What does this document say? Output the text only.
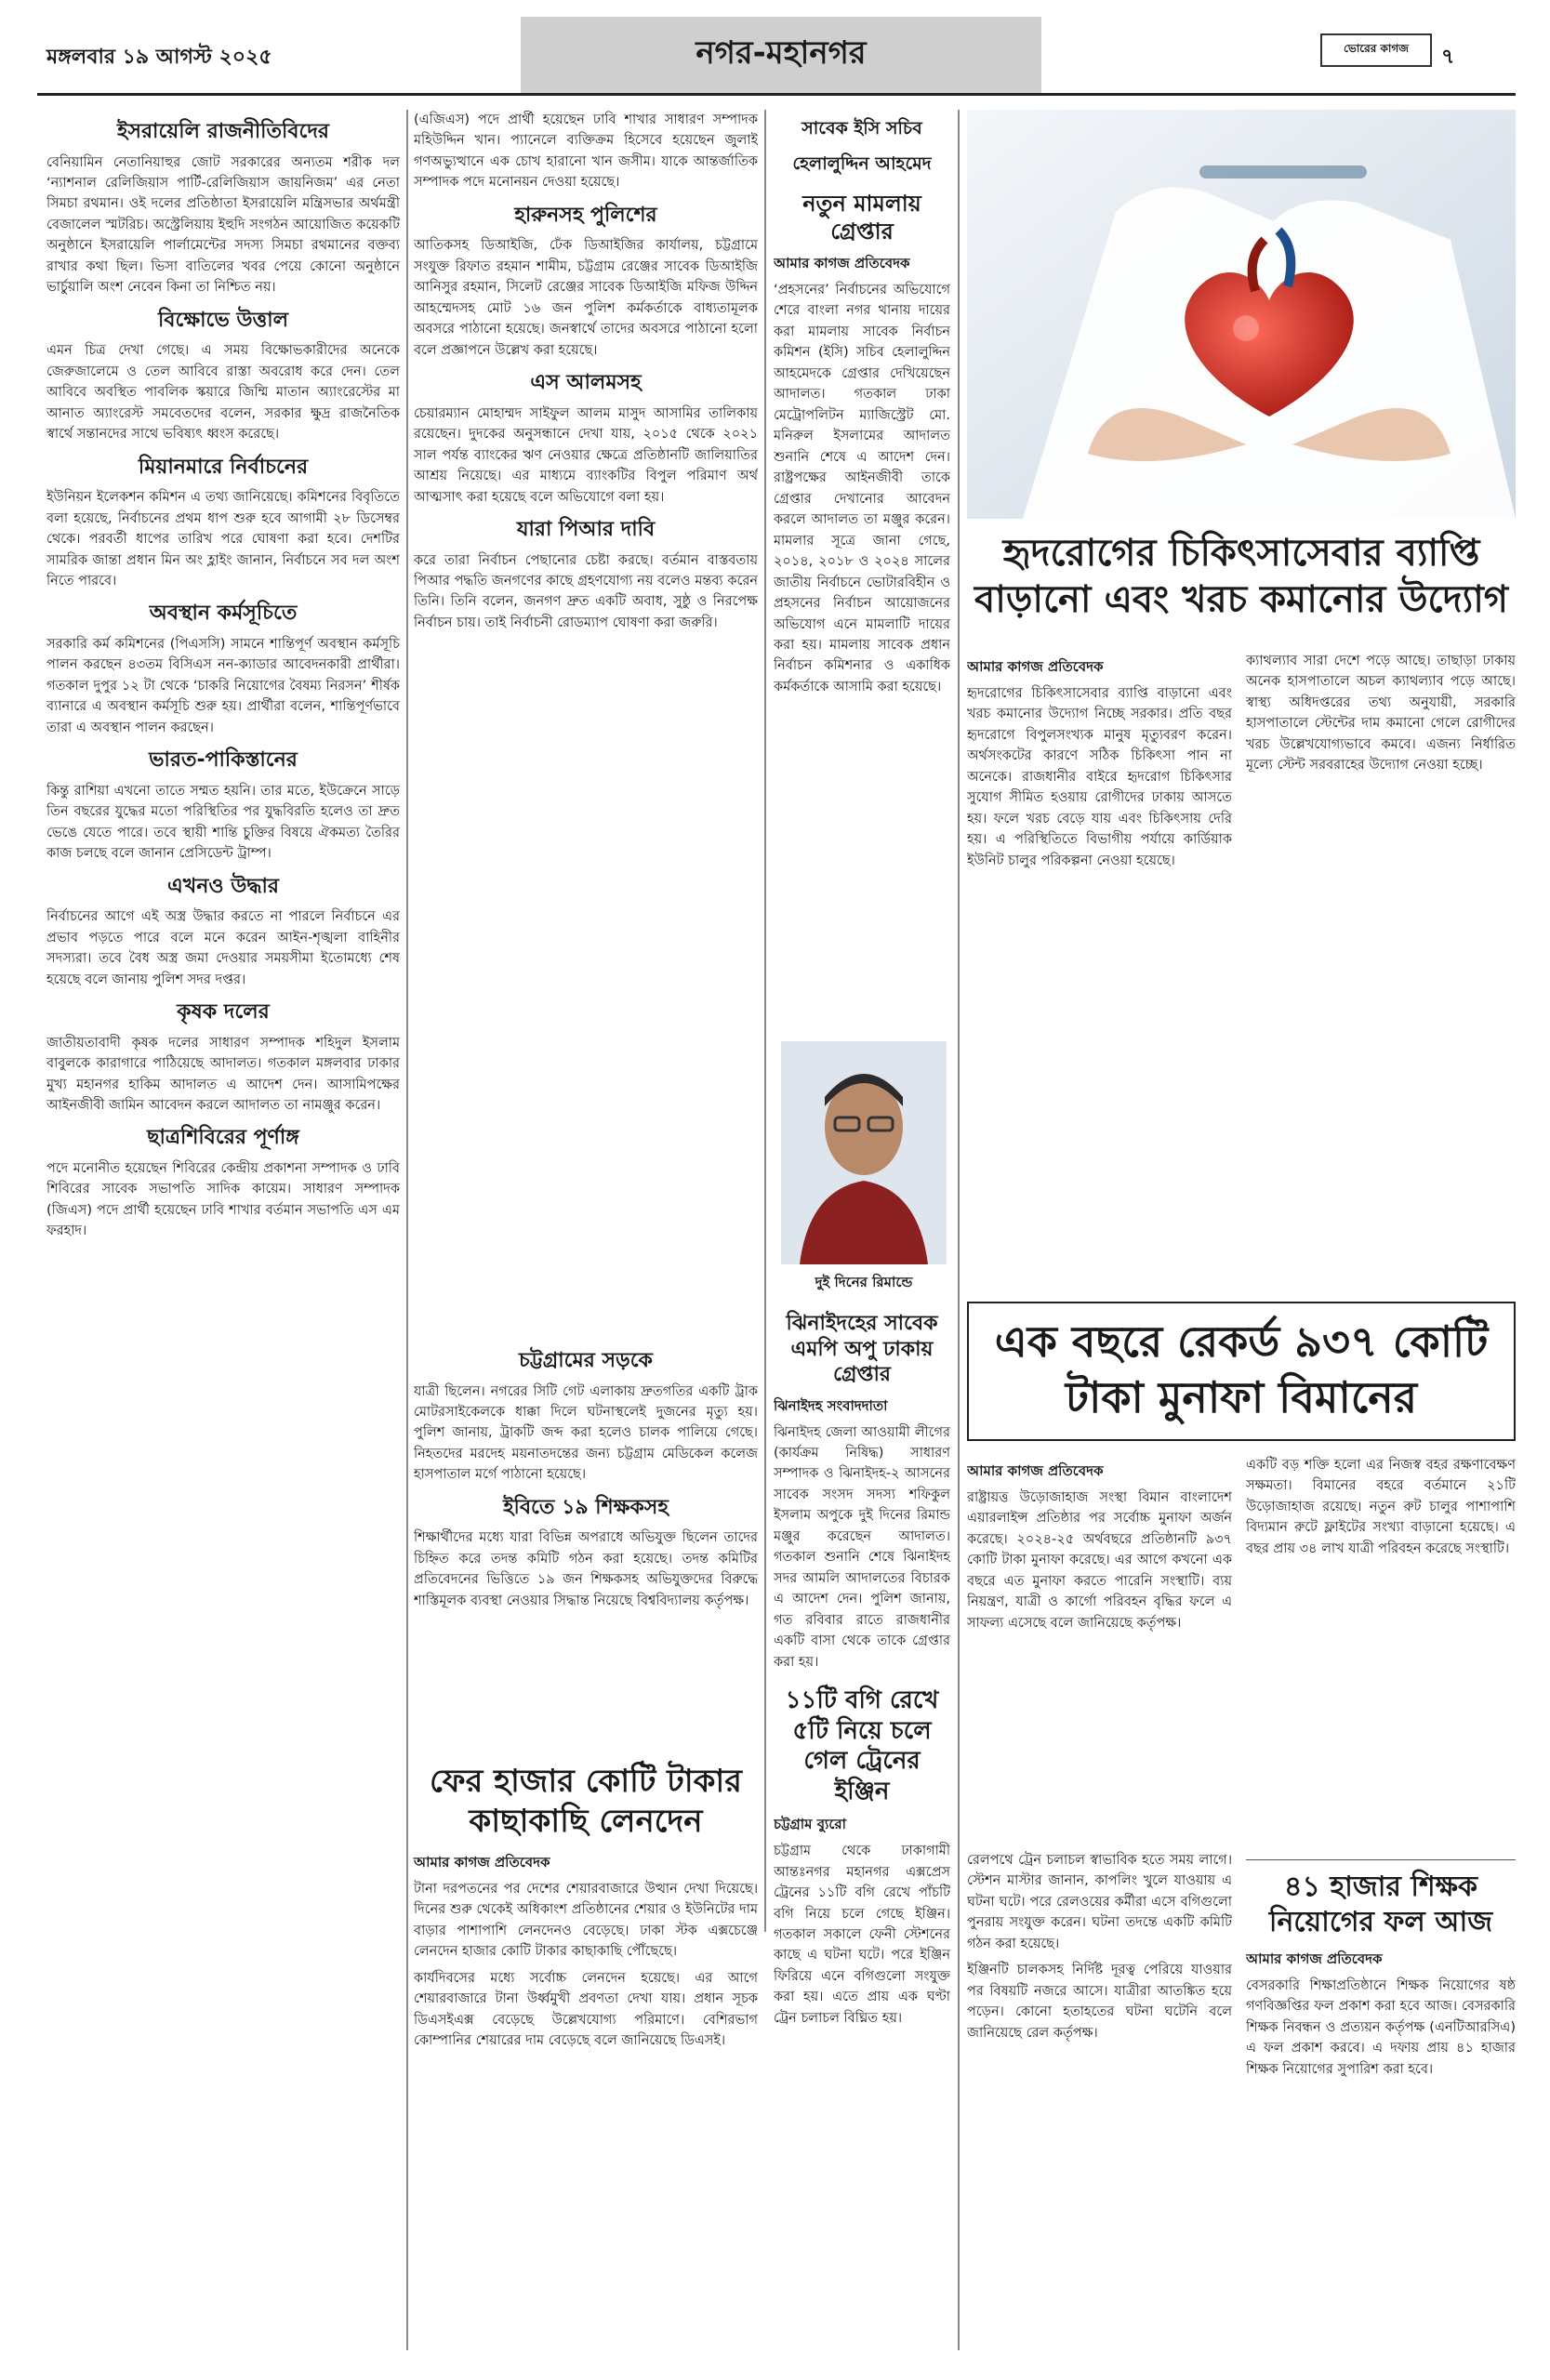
মঙ্গলবার ১৯ আগস্ট ২০২৫	নগর-মহানগর	ভোরের কাগজ	৭
ইসরায়েলি রাজনীতিবিদের

বেনিয়ামিন নেতানিয়াহুর জোট সরকারের অন্যতম শরীক দল ‘ন্যাশনাল রেলিজিয়াস পার্টি-রেলিজিয়াস জায়নিজম’ এর নেতা সিমচা রথমান। ওই দলের প্রতিষ্ঠাতা ইসরায়েলি মন্ত্রিসভার অর্থমন্ত্রী বেজালেল স্মটরিচ। অস্ট্রেলিয়ায় ইহুদি সংগঠন আয়োজিত কয়েকটি অনুষ্ঠানে ইসরায়েলি পার্লামেন্টের সদস্য সিমচা রথমানের বক্তব্য রাখার কথা ছিল। ভিসা বাতিলের খবর পেয়ে কোনো অনুষ্ঠানে ভার্চুয়ালি অংশ নেবেন কিনা তা নিশ্চিত নয়।

বিক্ষোভে উত্তাল

এমন চিত্র দেখা গেছে। এ সময় বিক্ষোভকারীদের অনেকে জেরুজালেমে ও তেল আবিবে রাস্তা অবরোধ করে দেন। তেল আবিবে অবস্থিত পাবলিক স্কয়ারে জিম্মি মাতান অ্যাংরেস্টের মা আনাত অ্যাংরেস্ট সমবেতদের বলেন, সরকার ক্ষুদ্র রাজনৈতিক স্বার্থে সন্তানদের সাথে ভবিষ্যৎ ধ্বংস করেছে।

মিয়ানমারে নির্বাচনের

ইউনিয়ন ইলেকশন কমিশন এ তথ্য জানিয়েছে। কমিশনের বিবৃতিতে বলা হয়েছে, নির্বাচনের প্রথম ধাপ শুরু হবে আগামী ২৮ ডিসেম্বর থেকে। পরবর্তী ধাপের তারিখ পরে ঘোষণা করা হবে। দেশটির সামরিক জান্তা প্রধান মিন অং হ্লাইং জানান, নির্বাচনে সব দল অংশ নিতে পারবে।

অবস্থান কর্মসূচিতে

সরকারি কর্ম কমিশনের (পিএসসি) সামনে শান্তিপূর্ণ অবস্থান কর্মসূচি পালন করছেন ৪৩তম বিসিএস নন-ক্যাডার আবেদনকারী প্রার্থীরা। গতকাল দুপুর ১২ টা থেকে ‘চাকরি নিয়োগের বৈষম্য নিরসন’ শীর্ষক ব্যানারে এ অবস্থান কর্মসূচি শুরু হয়। প্রার্থীরা বলেন, শান্তিপূর্ণভাবে তারা এ অবস্থান পালন করছেন।

ভারত-পাকিস্তানের

কিন্তু রাশিয়া এখনো তাতে সম্মত হয়নি। তার মতে, ইউক্রেনে সাড়ে তিন বছরের যুদ্ধের মতো পরিস্থিতির পর যুদ্ধবিরতি হলেও তা দ্রুত ভেঙে যেতে পারে। তবে স্থায়ী শান্তি চুক্তির বিষয়ে ঐকমত্য তৈরির কাজ চলছে বলে জানান প্রেসিডেন্ট ট্রাম্প।

এখনও উদ্ধার

নির্বাচনের আগে এই অস্ত্র উদ্ধার করতে না পারলে নির্বাচনে এর প্রভাব পড়তে পারে বলে মনে করেন আইন-শৃঙ্খলা বাহিনীর সদস্যরা। তবে বৈধ অস্ত্র জমা দেওয়ার সময়সীমা ইতোমধ্যে শেষ হয়েছে বলে জানায় পুলিশ সদর দপ্তর।

কৃষক দলের

জাতীয়তাবাদী কৃষক দলের সাধারণ সম্পাদক শহিদুল ইসলাম বাবুলকে কারাগারে পাঠিয়েছে আদালত। গতকাল মঙ্গলবার ঢাকার মুখ্য মহানগর হাকিম আদালত এ আদেশ দেন। আসামিপক্ষের আইনজীবী জামিন আবেদন করলে আদালত তা নামঞ্জুর করেন।

ছাত্রশিবিরের পূর্ণাঙ্গ

পদে মনোনীত হয়েছেন শিবিরের কেন্দ্রীয় প্রকাশনা সম্পাদক ও ঢাবি শিবিরের সাবেক সভাপতি সাদিক কায়েম। সাধারণ সম্পাদক (জিএস) পদে প্রার্থী হয়েছেন ঢাবি শাখার বর্তমান সভাপতি এস এম ফরহাদ।

(এজিএস) পদে প্রার্থী হয়েছেন ঢাবি শাখার সাধারণ সম্পাদক মহিউদ্দিন খান। প্যানেলে ব্যক্তিক্রম হিসেবে হয়েছেন জুলাই গণঅভ্যুত্থানে এক চোখ হারানো খান জসীম। যাকে আন্তর্জাতিক সম্পাদক পদে মনোনয়ন দেওয়া হয়েছে।

হারুনসহ পুলিশের

আতিকসহ ডিআইজি, ঢেঁক ডিআইজির কার্যালয়, চট্টগ্রামে সংযুক্ত রিফাত রহমান শামীম, চট্টগ্রাম রেঞ্জের সাবেক ডিআইজি আনিসুর রহমান, সিলেট রেঞ্জের সাবেক ডিআইজি মফিজ উদ্দিন আহম্মেদসহ মোট ১৬ জন পুলিশ কর্মকর্তাকে বাধ্যতামূলক অবসরে পাঠানো হয়েছে। জনস্বার্থে তাদের অবসরে পাঠানো হলো বলে প্রজ্ঞাপনে উল্লেখ করা হয়েছে।

এস আলমসহ

চেয়ারম্যান মোহাম্মদ সাইফুল আলম মাসুদ আসামির তালিকায় রয়েছেন। দুদকের অনুসন্ধানে দেখা যায়, ২০১৫ থেকে ২০২১ সাল পর্যন্ত ব্যাংকের ঋণ নেওয়ার ক্ষেত্রে প্রতিষ্ঠানটি জালিয়াতির আশ্রয় নিয়েছে। এর মাধ্যমে ব্যাংকটির বিপুল পরিমাণ অর্থ আত্মসাৎ করা হয়েছে বলে অভিযোগে বলা হয়।

যারা পিআর দাবি

করে তারা নির্বাচন পেছানোর চেষ্টা করছে। বর্তমান বাস্তবতায় পিআর পদ্ধতি জনগণের কাছে গ্রহণযোগ্য নয় বলেও মন্তব্য করেন তিনি। তিনি বলেন, জনগণ দ্রুত একটি অবাধ, সুষ্ঠু ও নিরপেক্ষ নির্বাচন চায়। তাই নির্বাচনী রোডম্যাপ ঘোষণা করা জরুরি।

চট্টগ্রামের সড়কে

যাত্রী ছিলেন। নগরের সিটি গেট এলাকায় দ্রুতগতির একটি ট্রাক মোটরসাইকেলকে ধাক্কা দিলে ঘটনাস্থলেই দুজনের মৃত্যু হয়। পুলিশ জানায়, ট্রাকটি জব্দ করা হলেও চালক পালিয়ে গেছে। নিহতদের মরদেহ ময়নাতদন্তের জন্য চট্টগ্রাম মেডিকেল কলেজ হাসপাতাল মর্গে পাঠানো হয়েছে।

ইবিতে ১৯ শিক্ষকসহ

শিক্ষার্থীদের মধ্যে যারা বিভিন্ন অপরাধে অভিযুক্ত ছিলেন তাদের চিহ্নিত করে তদন্ত কমিটি গঠন করা হয়েছে। তদন্ত কমিটির প্রতিবেদনের ভিত্তিতে ১৯ জন শিক্ষকসহ অভিযুক্তদের বিরুদ্ধে শাস্তিমূলক ব্যবস্থা নেওয়ার সিদ্ধান্ত নিয়েছে বিশ্ববিদ্যালয় কর্তৃপক্ষ।

ফের হাজার কোটি টাকার কাছাকাছি লেনদেন
আমার কাগজ প্রতিবেদক

টানা দরপতনের পর দেশের শেয়ারবাজারে উত্থান দেখা দিয়েছে। দিনের শুরু থেকেই অধিকাংশ প্রতিষ্ঠানের শেয়ার ও ইউনিটের দাম বাড়ার পাশাপাশি লেনদেনও বেড়েছে। ঢাকা স্টক এক্সচেঞ্জে লেনদেন হাজার কোটি টাকার কাছাকাছি পৌঁছেছে।

কার্যদিবসের মধ্যে সর্বোচ্চ লেনদেন হয়েছে। এর আগে শেয়ারবাজারে টানা উর্ধ্বমুখী প্রবণতা দেখা যায়। প্রধান সূচক ডিএসইএক্স বেড়েছে উল্লেখযোগ্য পরিমাণে। বেশিরভাগ কোম্পানির শেয়ারের দাম বেড়েছে বলে জানিয়েছে ডিএসই।

সাবেক ইসি সচিব
হেলালুদ্দিন আহমেদ
নতুন মামলায় গ্রেপ্তার
আমার কাগজ প্রতিবেদক

‘প্রহসনের’ নির্বাচনের অভিযোগে শেরে বাংলা নগর থানায় দায়ের করা মামলায় সাবেক নির্বাচন কমিশন (ইসি) সচিব হেলালুদ্দিন আহমেদকে গ্রেপ্তার দেখিয়েছেন আদালত। গতকাল ঢাকা মেট্রোপলিটন ম্যাজিস্ট্রেট মো. মনিরুল ইসলামের আদালত শুনানি শেষে এ আদেশ দেন। রাষ্ট্রপক্ষের আইনজীবী তাকে গ্রেপ্তার দেখানোর আবেদন করলে আদালত তা মঞ্জুর করেন। মামলার সূত্রে জানা গেছে, ২০১৪, ২০১৮ ও ২০২৪ সালের জাতীয় নির্বাচনে ভোটারবিহীন ও প্রহসনের নির্বাচন আয়োজনের অভিযোগ এনে মামলাটি দায়ের করা হয়। মামলায় সাবেক প্রধান নির্বাচন কমিশনার ও একাধিক কর্মকর্তাকে আসামি করা হয়েছে।

দুই দিনের রিমান্ডে
ঝিনাইদহের সাবেক এমপি অপু ঢাকায় গ্রেপ্তার
ঝিনাইদহ সংবাদদাতা

ঝিনাইদহ জেলা আওয়ামী লীগের (কার্যক্রম নিষিদ্ধ) সাধারণ সম্পাদক ও ঝিনাইদহ-২ আসনের সাবেক সংসদ সদস্য শফিকুল ইসলাম অপুকে দুই দিনের রিমান্ড মঞ্জুর করেছেন আদালত। গতকাল শুনানি শেষে ঝিনাইদহ সদর আমলি আদালতের বিচারক এ আদেশ দেন। পুলিশ জানায়, গত রবিবার রাতে রাজধানীর একটি বাসা থেকে তাকে গ্রেপ্তার করা হয়।

১১টি বগি রেখে ৫টি নিয়ে চলে গেল ট্রেনের ইঞ্জিন
চট্টগ্রাম ব্যুরো

চট্টগ্রাম থেকে ঢাকাগামী আন্তঃনগর মহানগর এক্সপ্রেস ট্রেনের ১১টি বগি রেখে পাঁচটি বগি নিয়ে চলে গেছে ইঞ্জিন। গতকাল সকালে ফেনী স্টেশনের কাছে এ ঘটনা ঘটে। পরে ইঞ্জিন ফিরিয়ে এনে বগিগুলো সংযুক্ত করা হয়। এতে প্রায় এক ঘণ্টা ট্রেন চলাচল বিঘ্নিত হয়।

হৃদরোগের চিকিৎসাসেবার ব্যাপ্তি বাড়ানো এবং খরচ কমানোর উদ্যোগ
আমার কাগজ প্রতিবেদক

হৃদরোগের চিকিৎসাসেবার ব্যাপ্তি বাড়ানো এবং খরচ কমানোর উদ্যোগ নিচ্ছে সরকার। প্রতি বছর হৃদরোগে বিপুলসংখ্যক মানুষ মৃত্যুবরণ করেন। অর্থসংকটের কারণে সঠিক চিকিৎসা পান না অনেকে। রাজধানীর বাইরে হৃদরোগ চিকিৎসার সুযোগ সীমিত হওয়ায় রোগীদের ঢাকায় আসতে হয়। ফলে খরচ বেড়ে যায় এবং চিকিৎসায় দেরি হয়। এ পরিস্থিতিতে বিভাগীয় পর্যায়ে কার্ডিয়াক ইউনিট চালুর পরিকল্পনা নেওয়া হয়েছে।

ক্যাথল্যাব সারা দেশে পড়ে আছে। তাছাড়া ঢাকায় অনেক হাসপাতালে অচল ক্যাথল্যাব পড়ে আছে। স্বাস্থ্য অধিদপ্তরের তথ্য অনুযায়ী, সরকারি হাসপাতালে স্টেন্টের দাম কমানো গেলে রোগীদের খরচ উল্লেখযোগ্যভাবে কমবে। এজন্য নির্ধারিত মূল্যে স্টেন্ট সরবরাহের উদ্যোগ নেওয়া হচ্ছে।

এক বছরে রেকর্ড ৯৩৭ কোটি টাকা মুনাফা বিমানের
আমার কাগজ প্রতিবেদক

রাষ্ট্রায়ত্ত উড়োজাহাজ সংস্থা বিমান বাংলাদেশ এয়ারলাইন্স প্রতিষ্ঠার পর সর্বোচ্চ মুনাফা অর্জন করেছে। ২০২৪-২৫ অর্থবছরে প্রতিষ্ঠানটি ৯৩৭ কোটি টাকা মুনাফা করেছে। এর আগে কখনো এক বছরে এত মুনাফা করতে পারেনি সংস্থাটি। ব্যয় নিয়ন্ত্রণ, যাত্রী ও কার্গো পরিবহন বৃদ্ধির ফলে এ সাফল্য এসেছে বলে জানিয়েছে কর্তৃপক্ষ।

একটি বড় শক্তি হলো এর নিজস্ব বহর রক্ষণাবেক্ষণ সক্ষমতা। বিমানের বহরে বর্তমানে ২১টি উড়োজাহাজ রয়েছে। নতুন রুট চালুর পাশাপাশি বিদ্যমান রুটে ফ্লাইটের সংখ্যা বাড়ানো হয়েছে। এ বছর প্রায় ৩৪ লাখ যাত্রী পরিবহন করেছে সংস্থাটি।

রেলপথে ট্রেন চলাচল স্বাভাবিক হতে সময় লাগে। স্টেশন মাস্টার জানান, কাপলিং খুলে যাওয়ায় এ ঘটনা ঘটে। পরে রেলওয়ের কর্মীরা এসে বগিগুলো পুনরায় সংযুক্ত করেন। ঘটনা তদন্তে একটি কমিটি গঠন করা হয়েছে।

ইঞ্জিনটি চালকসহ নির্দিষ্ট দূরত্ব পেরিয়ে যাওয়ার পর বিষয়টি নজরে আসে। যাত্রীরা আতঙ্কিত হয়ে পড়েন। কোনো হতাহতের ঘটনা ঘটেনি বলে জানিয়েছে রেল কর্তৃপক্ষ।

৪১ হাজার শিক্ষক নিয়োগের ফল আজ
আমার কাগজ প্রতিবেদক

বেসরকারি শিক্ষাপ্রতিষ্ঠানে শিক্ষক নিয়োগের ষষ্ঠ গণবিজ্ঞপ্তির ফল প্রকাশ করা হবে আজ। বেসরকারি শিক্ষক নিবন্ধন ও প্রত্যয়ন কর্তৃপক্ষ (এনটিআরসিএ) এ ফল প্রকাশ করবে। এ দফায় প্রায় ৪১ হাজার শিক্ষক নিয়োগের সুপারিশ করা হবে।
